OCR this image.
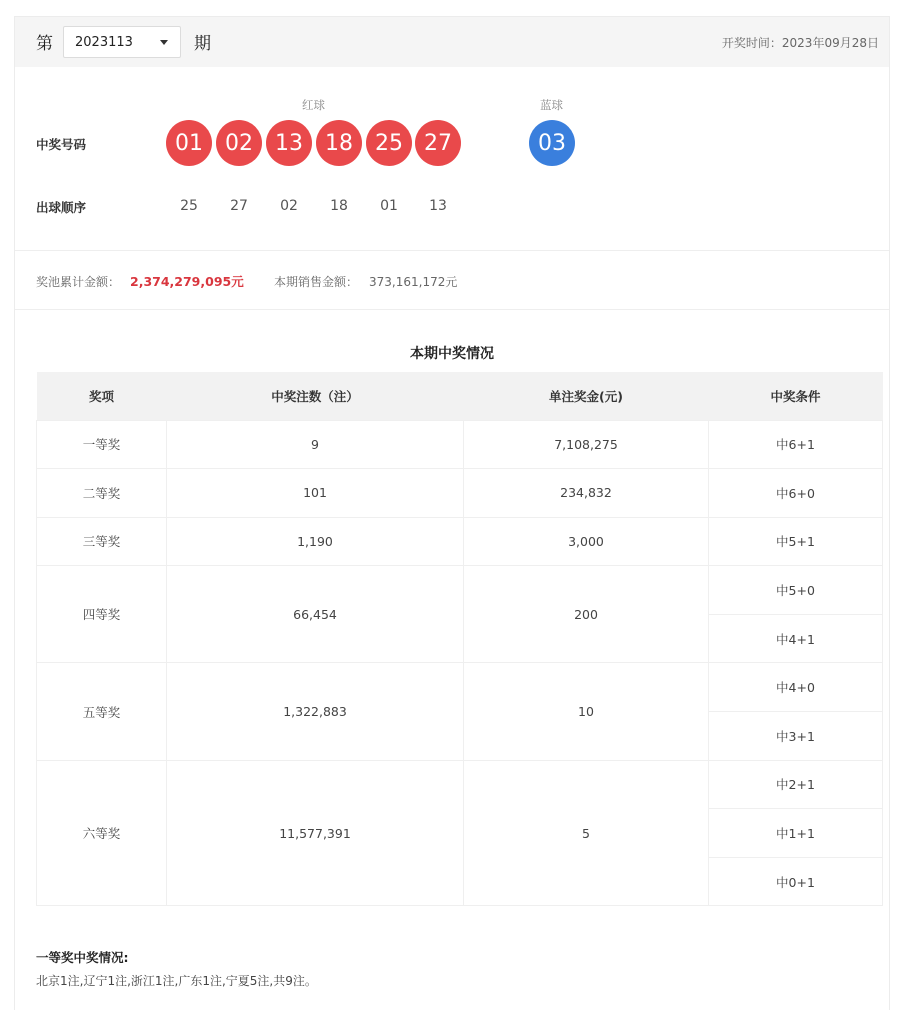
第 2023113	期	开奖时间：2023年09月28日
红球	蓝球
中奖号码	01	02	13	18	25 27	03
出球顺序	25	27	02	18	01	13
奖池累计金额： 2,374,279,095元	本期销售金额： 373,161,172元
本期中奖情况
奖项	中奖注数（注）	单注奖金(元)	中奖条件
一等奖	9	7,108,275	中6+1
二等奖	101	234,832	中6+0
三等奖	1,190	3,000	中5+1
四等奖	66,454	200	中5+0
			中4+1
五等奖	1,322,883	10	中4+0
			中3+1
六等奖	11,577,391	5	中2+1
			中1+1
			中0+1
一等奖中奖情况:
北京1注,辽宁1注,浙江1注,广东1注,宁夏5注,共9注。
